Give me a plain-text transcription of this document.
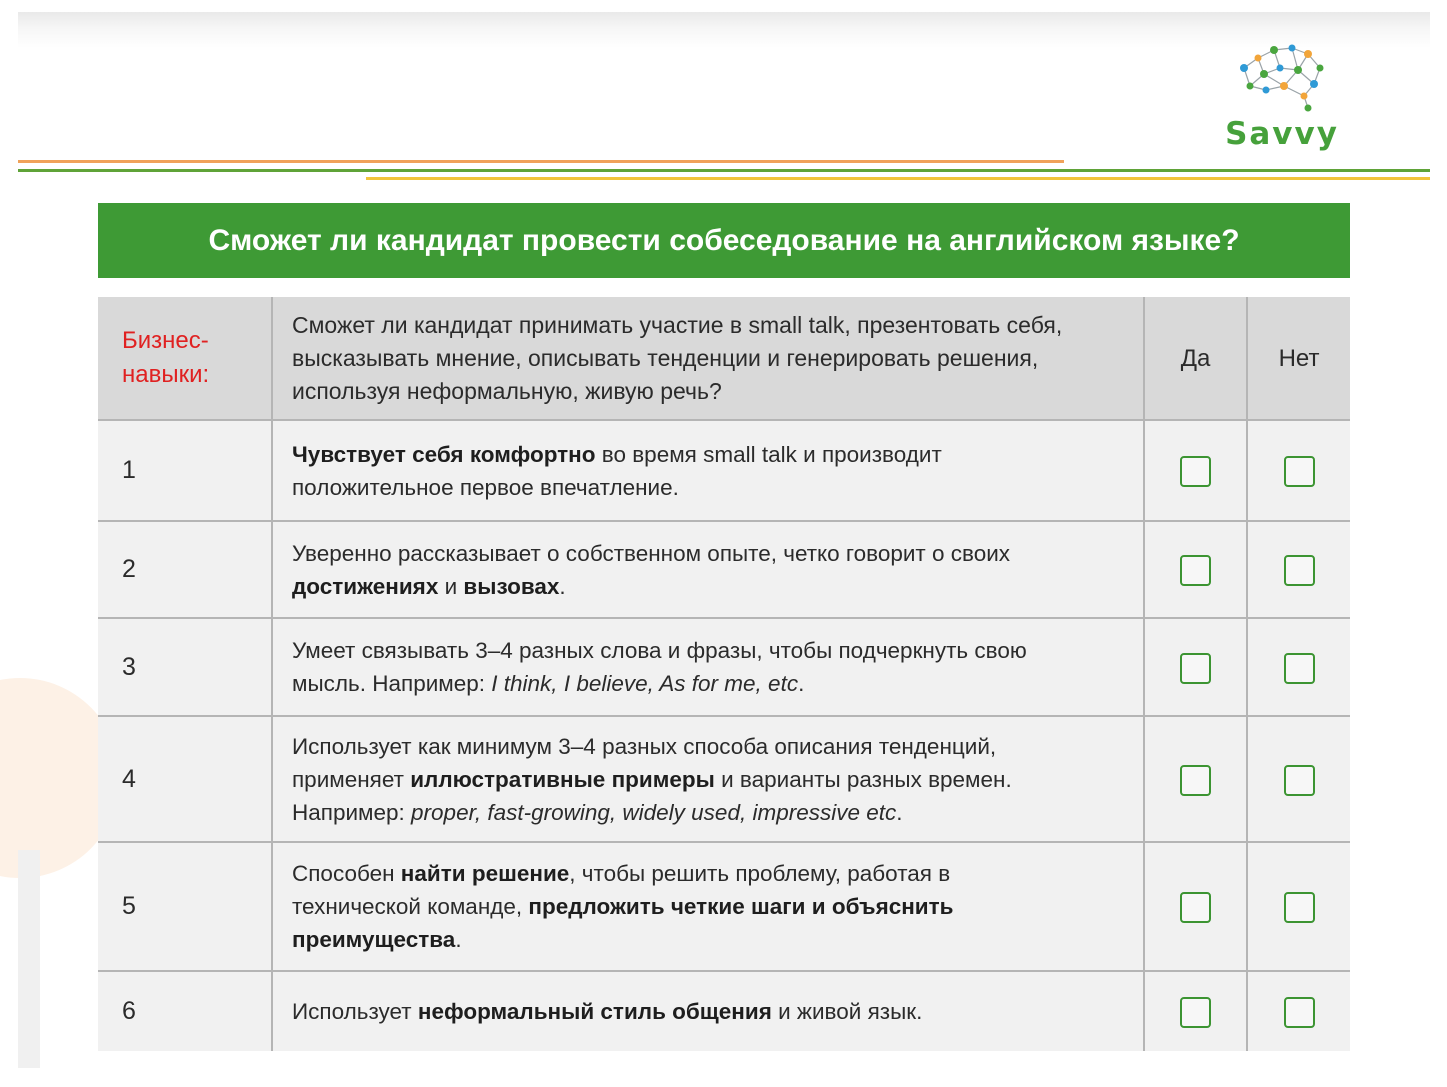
Savvy
Сможет ли кандидат провести собеседование на английском языке?
Бизнес-навыки:	Сможет ли кандидат принимать участие в small talk, презентовать себя, высказывать мнение, описывать тенденции и генерировать решения, используя неформальную, живую речь?	Да	Нет
1	Чувствует себя комфортно во время small talk и производит положительное первое впечатление.		

2	Уверенно рассказывает о собственном опыте, четко говорит о своих достижениях и вызовах.		

3	Умеет связывать 3–4 разных слова и фразы, чтобы подчеркнуть свою мысль. Например: I think, I believe, As for me, etc.		

4	Использует как минимум 3–4 разных способа описания тенденций, применяет иллюстративные примеры и варианты разных времен. Например: proper, fast-growing, widely used, impressive etc.		

5	Способен найти решение, чтобы решить проблему, работая в технической команде, предложить четкие шаги и объяснить преимущества.		

6	Использует неформальный стиль общения и живой язык.		
